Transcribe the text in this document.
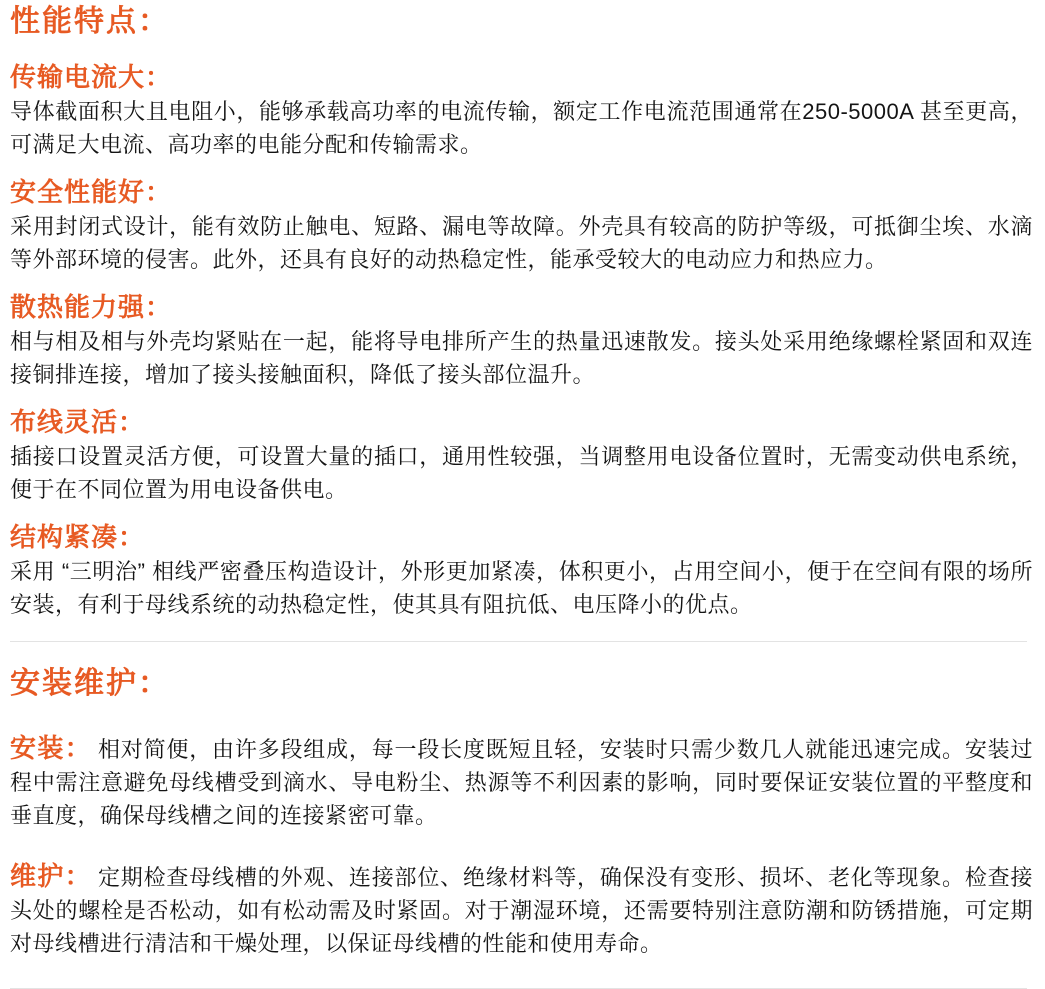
性能特点：
传输电流大：

导体截面积大且电阻小，能够承载高功率的电流传输，额定工作电流范围通常在250-5000A 甚至更高，可满足大电流、高功率的电能分配和传输需求。

安全性能好：

采用封闭式设计，能有效防止触电、短路、漏电等故障。外壳具有较高的防护等级，可抵御尘埃、水滴等外部环境的侵害。此外，还具有良好的动热稳定性，能承受较大的电动应力和热应力。

散热能力强：

相与相及相与外壳均紧贴在一起，能将导电排所产生的热量迅速散发。接头处采用绝缘螺栓紧固和双连接铜排连接，增加了接头接触面积，降低了接头部位温升。

布线灵活：

插接口设置灵活方便，可设置大量的插口，通用性较强，当调整用电设备位置时，无需变动供电系统，便于在不同位置为用电设备供电。

结构紧凑：

采用 “三明治” 相线严密叠压构造设计，外形更加紧凑，体积更小，占用空间小，便于在空间有限的场所安装，有利于母线系统的动热稳定性，使其具有阻抗低、电压降小的优点。

安装维护：

安装： 相对简便，由许多段组成，每一段长度既短且轻，安装时只需少数几人就能迅速完成。安装过程中需注意避免母线槽受到滴水、导电粉尘、热源等不利因素的影响，同时要保证安装位置的平整度和垂直度，确保母线槽之间的连接紧密可靠。

维护： 定期检查母线槽的外观、连接部位、绝缘材料等，确保没有变形、损坏、老化等现象。检查接头处的螺栓是否松动，如有松动需及时紧固。对于潮湿环境，还需要特别注意防潮和防锈措施，可定期对母线槽进行清洁和干燥处理，以保证母线槽的性能和使用寿命。
